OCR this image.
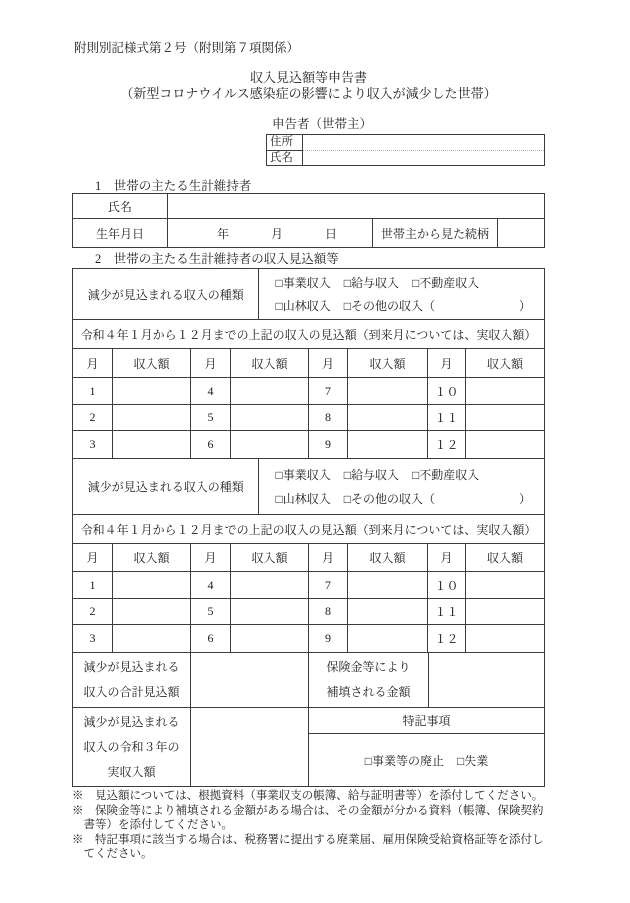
附則別記様式第２号（附則第７項関係）
収入見込額等申告書
（新型コロナウイルス感染症の影響により収入が減少した世帯）
申告者（世帯主）
住所
氏名
1　世帯の主たる生計維持者
氏名
生年月日	年	月	日	世帯主から見た続柄
2　世帯の主たる生計維持者の収入見込額等
減少が見込まれる収入の種類
□事業収入 □給与収入 □不動産収入
□山林収入 □その他の収入（　　　　　　　）
令和４年１月から１２月までの上記の収入の見込額（到来月については、実収入額）
月	収入額	月	収入額	月	収入額	月	収入額
1	4	7	１０
2	5	8	１１
3	6	9	１２
減少が見込まれる収入の種類
□事業収入 □給与収入 □不動産収入
□山林収入 □その他の収入（　　　　　　　）
令和４年１月から１２月までの上記の収入の見込額（到来月については、実収入額）
月	収入額	月	収入額	月	収入額	月	収入額
1	4	7	１０
2	5	8	１１
3	6	9	１２
減少が見込まれる
収入の合計見込額
保険金等により
補填される金額
減少が見込まれる
収入の令和３年の
実収入額
特記事項
□事業等の廃止 □失業
※　見込額については、根拠資料（事業収支の帳簿、給与証明書等）を添付してください。
※　保険金等により補填される金額がある場合は、その金額が分かる資料（帳簿、保険契約書等）を添付してください。
※　特記事項に該当する場合は、税務署に提出する廃業届、雇用保険受給資格証等を添付してください。
